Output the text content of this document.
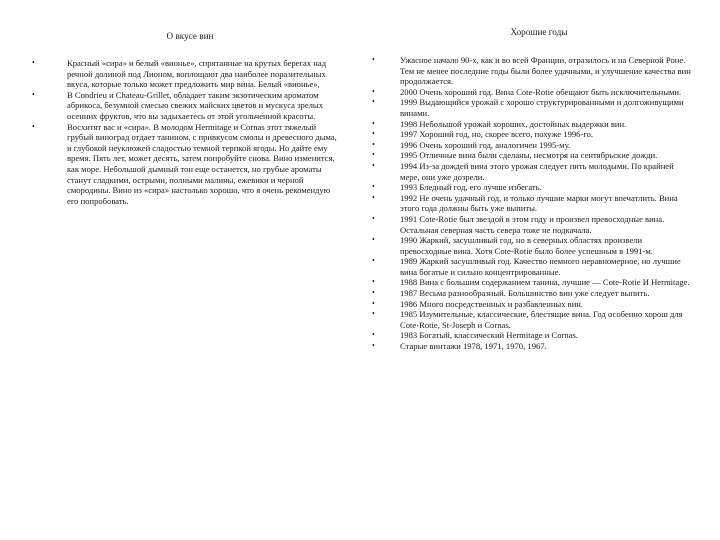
О вкусе вин
•	Красный «сира» и белый «вионье», спрятанные на крутых берегах над речной долиной под Лионом, воплощают два наиболее поразительных вкуса, которые только может предложить мир вина. Белый «вионье»,
•	В Condrieu и Chateau-Grillet, обладает таким экзотическим ароматом абрикоса, безумной смесью свежих майских цветов и мускуса зрелых осенних фруктов, что вы задыхаетесь от этой угольченной красоты.
•	Восхитят вас и «сира». В молодом Hermitage и Cornas этот тяжелый грубый виноград отдает танином, с привкусом смолы и древесного дыма, и глубокой неуклюжей сладостью темной терпкой ягоды. Но дайте ему время. Пять лет, может десять, затем попробуйте снова. Вино изменится, как море. Небольшой дымный тон еще останется, но грубые ароматы станут сладкими, острыми, полными малины, ежевики и черной смородины. Вино из «сира» настолько хорошо, что я очень рекомендую его попробовать.
Хорошие годы
•	Ужасное начало 90-х, как и во всей Франции, отразилось и на Северной Роне. Тем не менее последние годы были более удачными, и улучшение качества вин продолжается.
•	2000 Очень хороший год. Вина Cote-Rotie обещают быть исключительными.
•	1999 Выдающийся урожай с хорошо структурированными и долгоживущими винами.
•	1998 Небольшой урожай хороших, достойных выдержки вин.
•	1997 Хороший год, но, скорее всего, похуже 1996-го.
•	1996 Очень хороший год, аналогичен 1995-му.
•	1995 Отличные вина были сделаны, несмотря на сентябрьские дожди.
•	1994 Из-за дождей вина этого урожая следует пить молодыми. По крайней мере, они уже дозрели.
•	1993 Бледный год, его лучше избегать.
•	1992 Не очень удачный год, и только лучшие марки могут впечатлить. Вина этого года должны быть уже выпиты.
•	1991 Cote-Rotie был звездой в этом году и произвел превосходные вина. Остальная северная часть севера тоже не подкачала.
•	1990 Жаркий, засушливый год, но в северных областях произвели превосходные вина. Хотя Cote-Rotie было более успешным в 1991-м.
•	1989 Жаркий засушливый год. Качество немного неравномерное, но лучшие вина богатые и сильно концентрированные.
•	1988 Вина с большим содержанием танина, лучшие — Cote-Rotie И Hermitage.
•	1987 Весьма разнообразный. Большинство вин уже следует выпить.
•	1986 Много посредственных и разбавленных вин.
•	1985 Изумительные, классические, блестящие вина. Год особенно хорош для Cote-Rotie, St-Joseph и Cornas.
•	1983 Богатый, классический Hermitage и Cornas.
•	Старые винтажи 1978, 1971, 1970, 1967.
